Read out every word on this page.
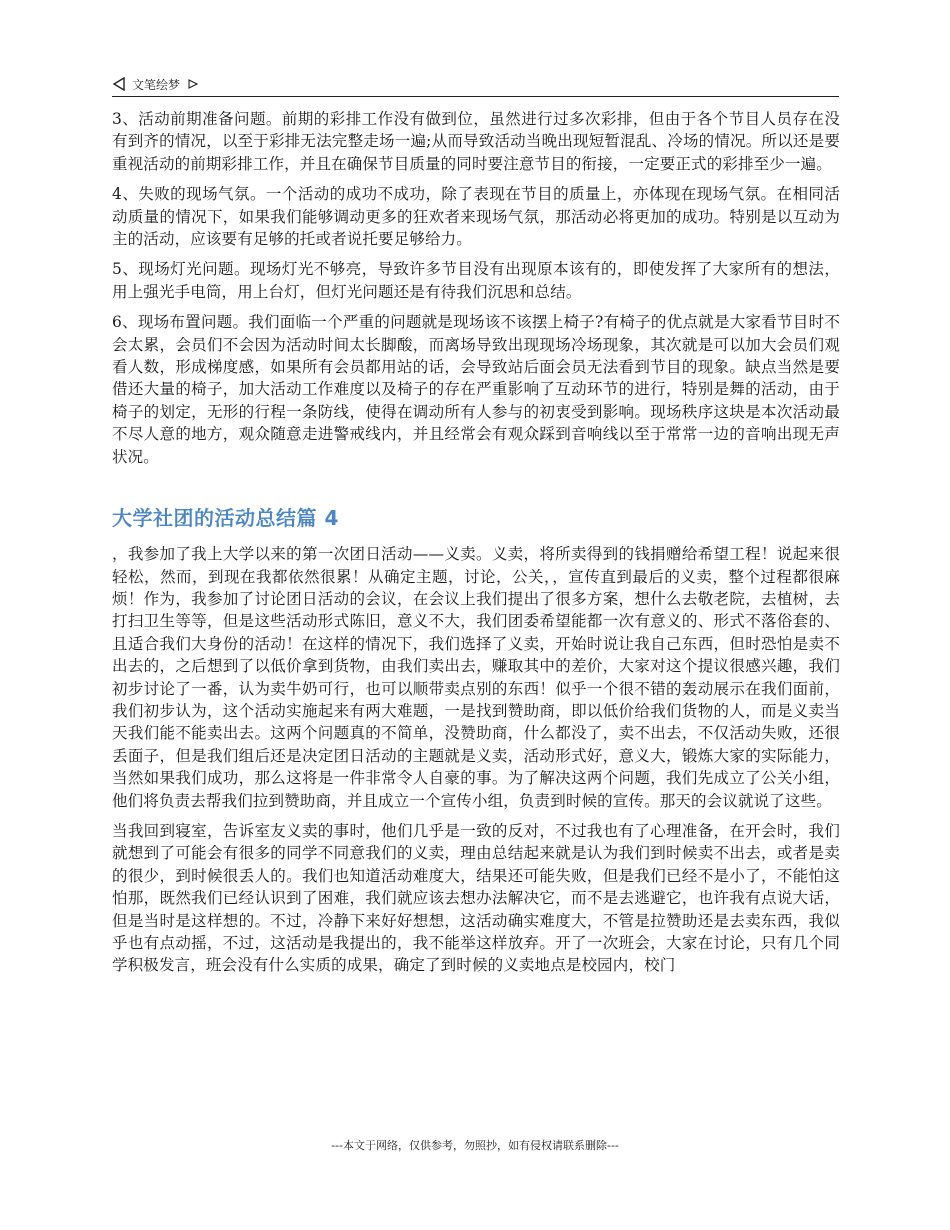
文笔绘梦

3、活动前期准备问题。前期的彩排工作没有做到位，虽然进行过多次彩排，但由于各个节目人员存在没有到齐的情况，以至于彩排无法完整走场一遍;从而导致活动当晚出现短暂混乱、冷场的情况。所以还是要重视活动的前期彩排工作，并且在确保节目质量的同时要注意节目的衔接，一定要正式的彩排至少一遍。

4、失败的现场气氛。一个活动的成功不成功，除了表现在节目的质量上，亦体现在现场气氛。在相同活动质量的情况下，如果我们能够调动更多的狂欢者来现场气氛，那活动必将更加的成功。特别是以互动为主的活动，应该要有足够的托或者说托要足够给力。

5、现场灯光问题。现场灯光不够亮，导致许多节目没有出现原本该有的，即使发挥了大家所有的想法，用上强光手电筒，用上台灯，但灯光问题还是有待我们沉思和总结。

6、现场布置问题。我们面临一个严重的问题就是现场该不该摆上椅子?有椅子的优点就是大家看节目时不会太累，会员们不会因为活动时间太长脚酸，而离场导致出现现场冷场现象，其次就是可以加大会员们观看人数，形成梯度感，如果所有会员都用站的话，会导致站后面会员无法看到节目的现象。缺点当然是要借还大量的椅子，加大活动工作难度以及椅子的存在严重影响了互动环节的进行，特别是舞的活动，由于椅子的划定，无形的行程一条防线，使得在调动所有人参与的初衷受到影响。现场秩序这块是本次活动最不尽人意的地方，观众随意走进警戒线内，并且经常会有观众踩到音响线以至于常常一边的音响出现无声状况。

大学社团的活动总结篇 4

，我参加了我上大学以来的第一次团日活动——义卖。义卖，将所卖得到的钱捐赠给希望工程！说起来很轻松，然而，到现在我都依然很累！从确定主题，讨论，公关，，宣传直到最后的义卖，整个过程都很麻烦！作为，我参加了讨论团日活动的会议，在会议上我们提出了很多方案，想什么去敬老院，去植树，去打扫卫生等等，但是这些活动形式陈旧，意义不大，我们团委希望能都一次有意义的、形式不落俗套的、且适合我们大身份的活动！在这样的情况下，我们选择了义卖，开始时说让我自己东西，但时恐怕是卖不出去的，之后想到了以低价拿到货物，由我们卖出去，赚取其中的差价，大家对这个提议很感兴趣，我们初步讨论了一番，认为卖牛奶可行，也可以顺带卖点别的东西！似乎一个很不错的轰动展示在我们面前，我们初步认为，这个活动实施起来有两大难题，一是找到赞助商，即以低价给我们货物的人，而是义卖当天我们能不能卖出去。这两个问题真的不简单，没赞助商，什么都没了，卖不出去，不仅活动失败，还很丢面子，但是我们组后还是决定团日活动的主题就是义卖，活动形式好，意义大，锻炼大家的实际能力，当然如果我们成功，那么这将是一件非常令人自豪的事。为了解决这两个问题，我们先成立了公关小组，他们将负责去帮我们拉到赞助商，并且成立一个宣传小组，负责到时候的宣传。那天的会议就说了这些。

当我回到寝室，告诉室友义卖的事时，他们几乎是一致的反对，不过我也有了心理准备，在开会时，我们就想到了可能会有很多的同学不同意我们的义卖，理由总结起来就是认为我们到时候卖不出去，或者是卖的很少，到时候很丢人的。我们也知道活动难度大，结果还可能失败，但是我们已经不是小了，不能怕这怕那，既然我们已经认识到了困难，我们就应该去想办法解决它，而不是去逃避它，也许我有点说大话，但是当时是这样想的。不过，冷静下来好好想想，这活动确实难度大，不管是拉赞助还是去卖东西，我似乎也有点动摇，不过，这活动是我提出的，我不能举这样放弃。开了一次班会，大家在讨论，只有几个同学积极发言，班会没有什么实质的成果，确定了到时候的义卖地点是校园内，校门

---本文于网络，仅供参考，勿照抄，如有侵权请联系删除---
